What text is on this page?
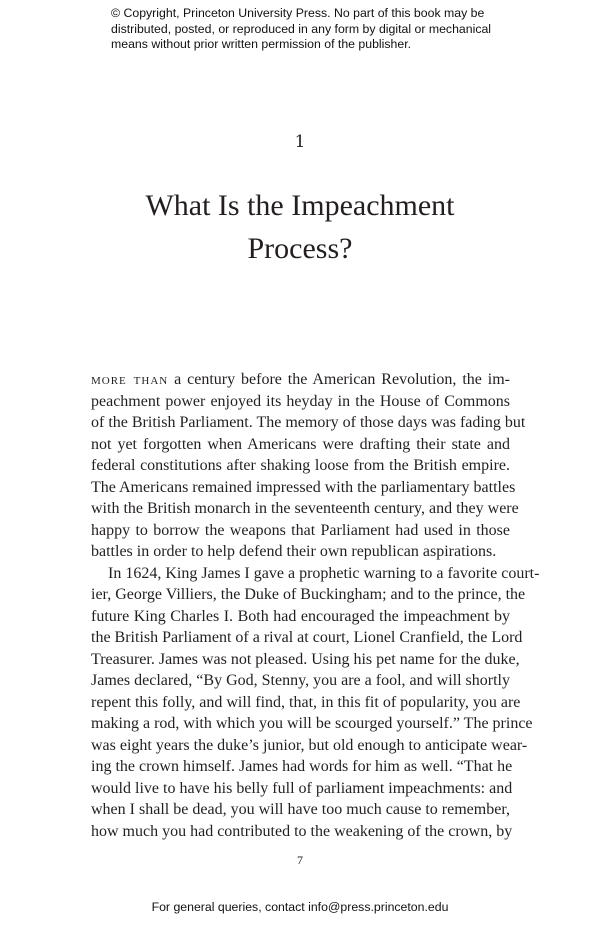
© Copyright, Princeton University Press. No part of this book may be
distributed, posted, or reproduced in any form by digital or mechanical
means without prior written permission of the publisher.
1
What Is the Impeachment
Process?
more than a century before the American Revolution, the im-
peachment power enjoyed its heyday in the House of Commons
of the British Parliament. The memory of those days was fading but
not yet forgotten when Americans were drafting their state and
federal constitutions after shaking loose from the British empire.
The Americans remained impressed with the parliamentary battles
with the British monarch in the seventeenth century, and they were
happy to borrow the weapons that Parliament had used in those
battles in order to help defend their own republican aspirations.
In 1624, King James I gave a prophetic warning to a favorite court-
ier, George Villiers, the Duke of Buckingham; and to the prince, the
future King Charles I. Both had encouraged the impeachment by
the British Parliament of a rival at court, Lionel Cranfield, the Lord
Treasurer. James was not pleased. Using his pet name for the duke,
James declared, “By God, Stenny, you are a fool, and will shortly
repent this folly, and will find, that, in this fit of popularity, you are
making a rod, with which you will be scourged yourself.” The prince
was eight years the duke’s junior, but old enough to anticipate wear-
ing the crown himself. James had words for him as well. “That he
would live to have his belly full of parliament impeachments: and
when I shall be dead, you will have too much cause to remember,
how much you had contributed to the weakening of the crown, by
7
For general queries, contact info@press.princeton.edu
